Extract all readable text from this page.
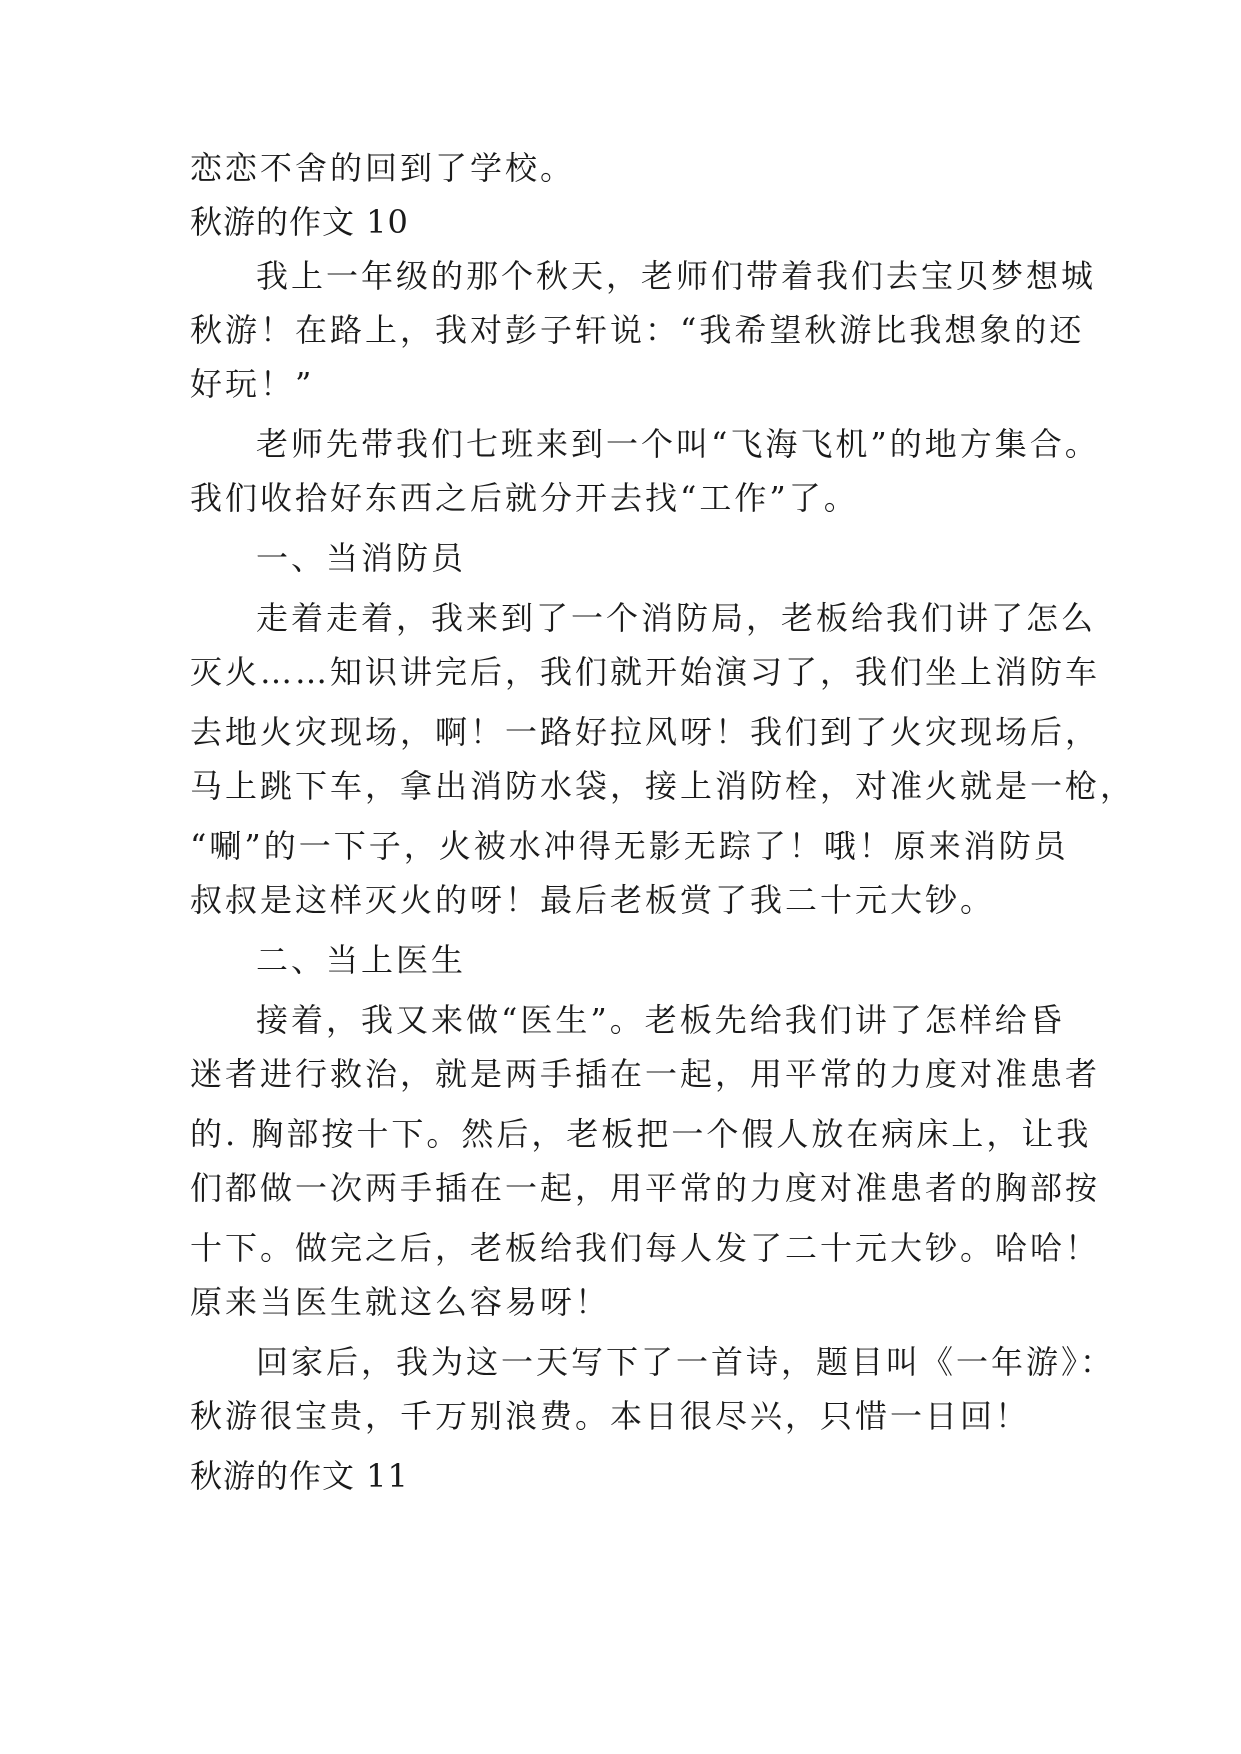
恋恋不舍的回到了学校。
秋游的作文 10
我上一年级的那个秋天，老师们带着我们去宝贝梦想城
秋游！在路上，我对彭子轩说：“我希望秋游比我想象的还
好玩！”
老师先带我们七班来到一个叫“飞海飞机”的地方集合。
我们收拾好东西之后就分开去找“工作”了。
一、当消防员
走着走着，我来到了一个消防局，老板给我们讲了怎么
灭火……知识讲完后，我们就开始演习了，我们坐上消防车
去地火灾现场，啊！一路好拉风呀！我们到了火灾现场后，
马上跳下车，拿出消防水袋，接上消防栓，对准火就是一枪，
“唰”的一下子，火被水冲得无影无踪了！哦！原来消防员
叔叔是这样灭火的呀！最后老板赏了我二十元大钞。
二、当上医生
接着，我又来做“医生”。老板先给我们讲了怎样给昏
迷者进行救治，就是两手插在一起，用平常的力度对准患者
的. 胸部按十下。然后，老板把一个假人放在病床上，让我
们都做一次两手插在一起，用平常的力度对准患者的胸部按
十下。做完之后，老板给我们每人发了二十元大钞。哈哈！
原来当医生就这么容易呀！
回家后，我为这一天写下了一首诗，题目叫《一年游》：
秋游很宝贵，千万别浪费。本日很尽兴，只惜一日回！
秋游的作文 11
